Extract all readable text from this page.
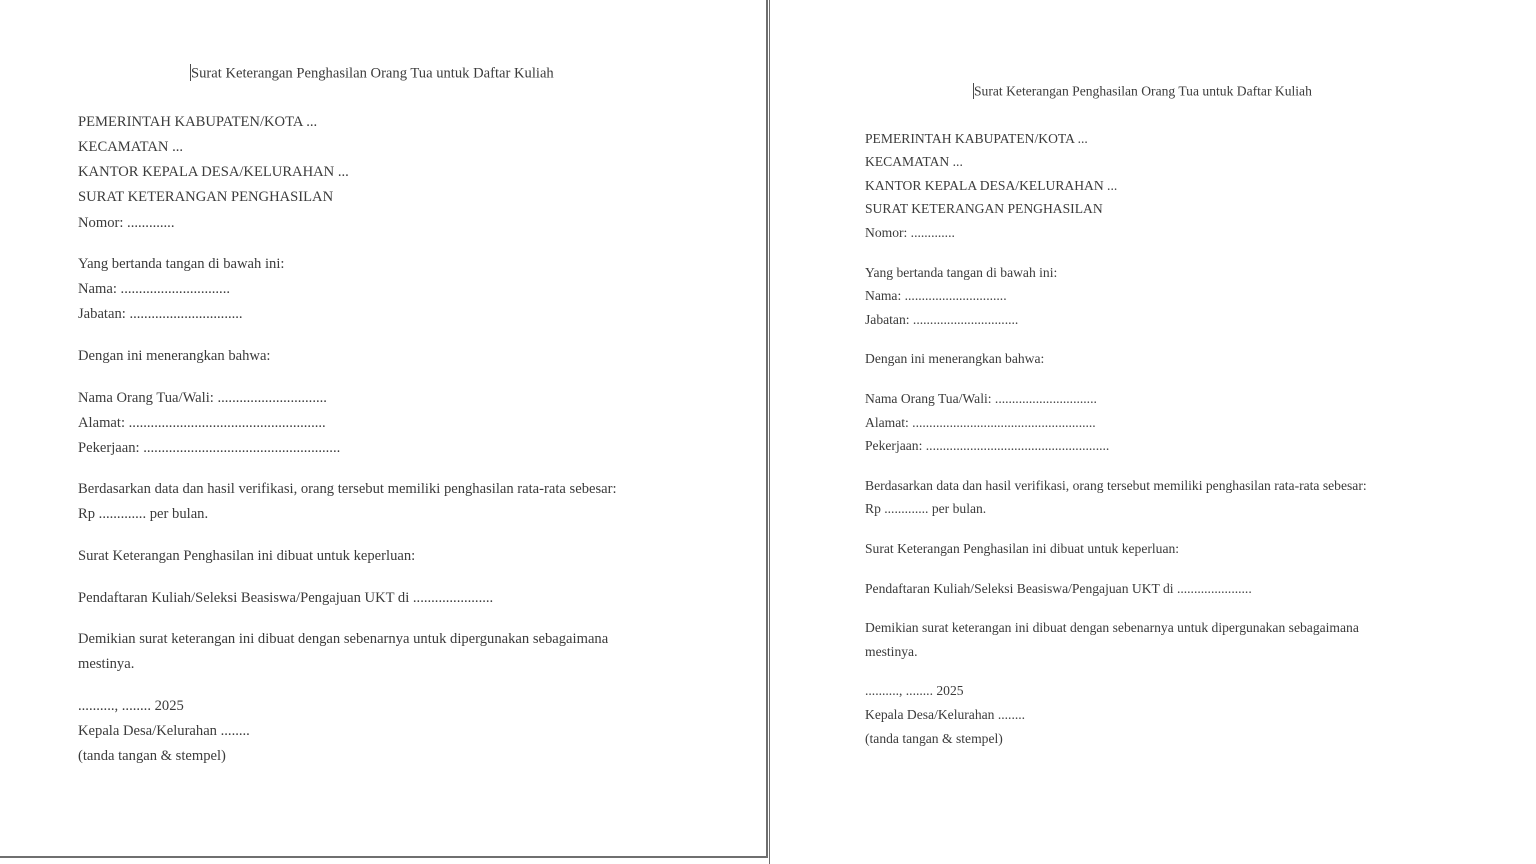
Surat Keterangan Penghasilan Orang Tua untuk Daftar Kuliah
PEMERINTAH KABUPATEN/KOTA ...
KECAMATAN ...
KANTOR KEPALA DESA/KELURAHAN ...
SURAT KETERANGAN PENGHASILAN
Nomor: .............
Yang bertanda tangan di bawah ini:
Nama: ..............................
Jabatan: ...............................
Dengan ini menerangkan bahwa:
Nama Orang Tua/Wali: ..............................
Alamat: ......................................................
Pekerjaan: ......................................................
Berdasarkan data dan hasil verifikasi, orang tersebut memiliki penghasilan rata-rata sebesar:
Rp ............. per bulan.
Surat Keterangan Penghasilan ini dibuat untuk keperluan:
Pendaftaran Kuliah/Seleksi Beasiswa/Pengajuan UKT di ......................
Demikian surat keterangan ini dibuat dengan sebenarnya untuk dipergunakan sebagaimana
mestinya.
.........., ........ 2025
Kepala Desa/Kelurahan ........
(tanda tangan & stempel)
Surat Keterangan Penghasilan Orang Tua untuk Daftar Kuliah
PEMERINTAH KABUPATEN/KOTA ...
KECAMATAN ...
KANTOR KEPALA DESA/KELURAHAN ...
SURAT KETERANGAN PENGHASILAN
Nomor: .............
Yang bertanda tangan di bawah ini:
Nama: ..............................
Jabatan: ...............................
Dengan ini menerangkan bahwa:
Nama Orang Tua/Wali: ..............................
Alamat: ......................................................
Pekerjaan: ......................................................
Berdasarkan data dan hasil verifikasi, orang tersebut memiliki penghasilan rata-rata sebesar:
Rp ............. per bulan.
Surat Keterangan Penghasilan ini dibuat untuk keperluan:
Pendaftaran Kuliah/Seleksi Beasiswa/Pengajuan UKT di ......................
Demikian surat keterangan ini dibuat dengan sebenarnya untuk dipergunakan sebagaimana
mestinya.
.........., ........ 2025
Kepala Desa/Kelurahan ........
(tanda tangan & stempel)
